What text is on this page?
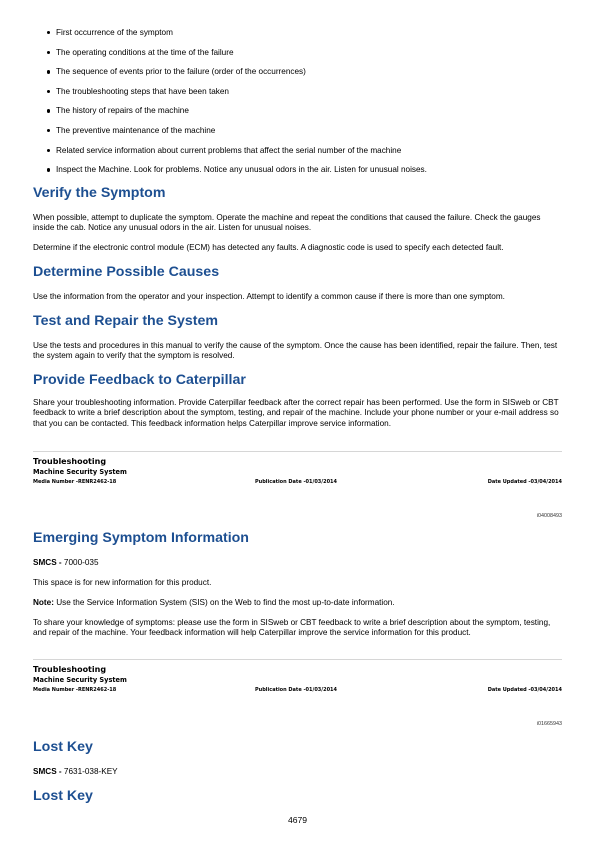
First occurrence of the symptom
The operating conditions at the time of the failure
The sequence of events prior to the failure (order of the occurrences)
The troubleshooting steps that have been taken
The history of repairs of the machine
The preventive maintenance of the machine
Related service information about current problems that affect the serial number of the machine
Inspect the Machine. Look for problems. Notice any unusual odors in the air. Listen for unusual noises.
Verify the Symptom
When possible, attempt to duplicate the symptom. Operate the machine and repeat the conditions that caused the failure. Check the gauges inside the cab. Notice any unusual odors in the air. Listen for unusual noises.
Determine if the electronic control module (ECM) has detected any faults. A diagnostic code is used to specify each detected fault.
Determine Possible Causes
Use the information from the operator and your inspection. Attempt to identify a common cause if there is more than one symptom.
Test and Repair the System
Use the tests and procedures in this manual to verify the cause of the symptom. Once the cause has been identified, repair the failure. Then, test the system again to verify that the symptom is resolved.
Provide Feedback to Caterpillar
Share your troubleshooting information. Provide Caterpillar feedback after the correct repair has been performed. Use the form in SISweb or CBT feedback to write a brief description about the symptom, testing, and repair of the machine. Include your phone number or your e-mail address so that you can be contacted. This feedback information helps Caterpillar improve service information.
Troubleshooting
Machine Security System
Media Number -RENR2462-18	Publication Date -01/03/2014	Date Updated -03/04/2014
i04008493
Emerging Symptom Information
SMCS - 7000-035
This space is for new information for this product.
Note: Use the Service Information System (SIS) on the Web to find the most up-to-date information.
To share your knowledge of symptoms: please use the form in SISweb or CBT feedback to write a brief description about the symptom, testing, and repair of the machine. Your feedback information will help Caterpillar improve the service information for this product.
Troubleshooting
Machine Security System
Media Number -RENR2462-18	Publication Date -01/03/2014	Date Updated -03/04/2014
i01665943
Lost Key
SMCS - 7631-038-KEY
Lost Key
4679
